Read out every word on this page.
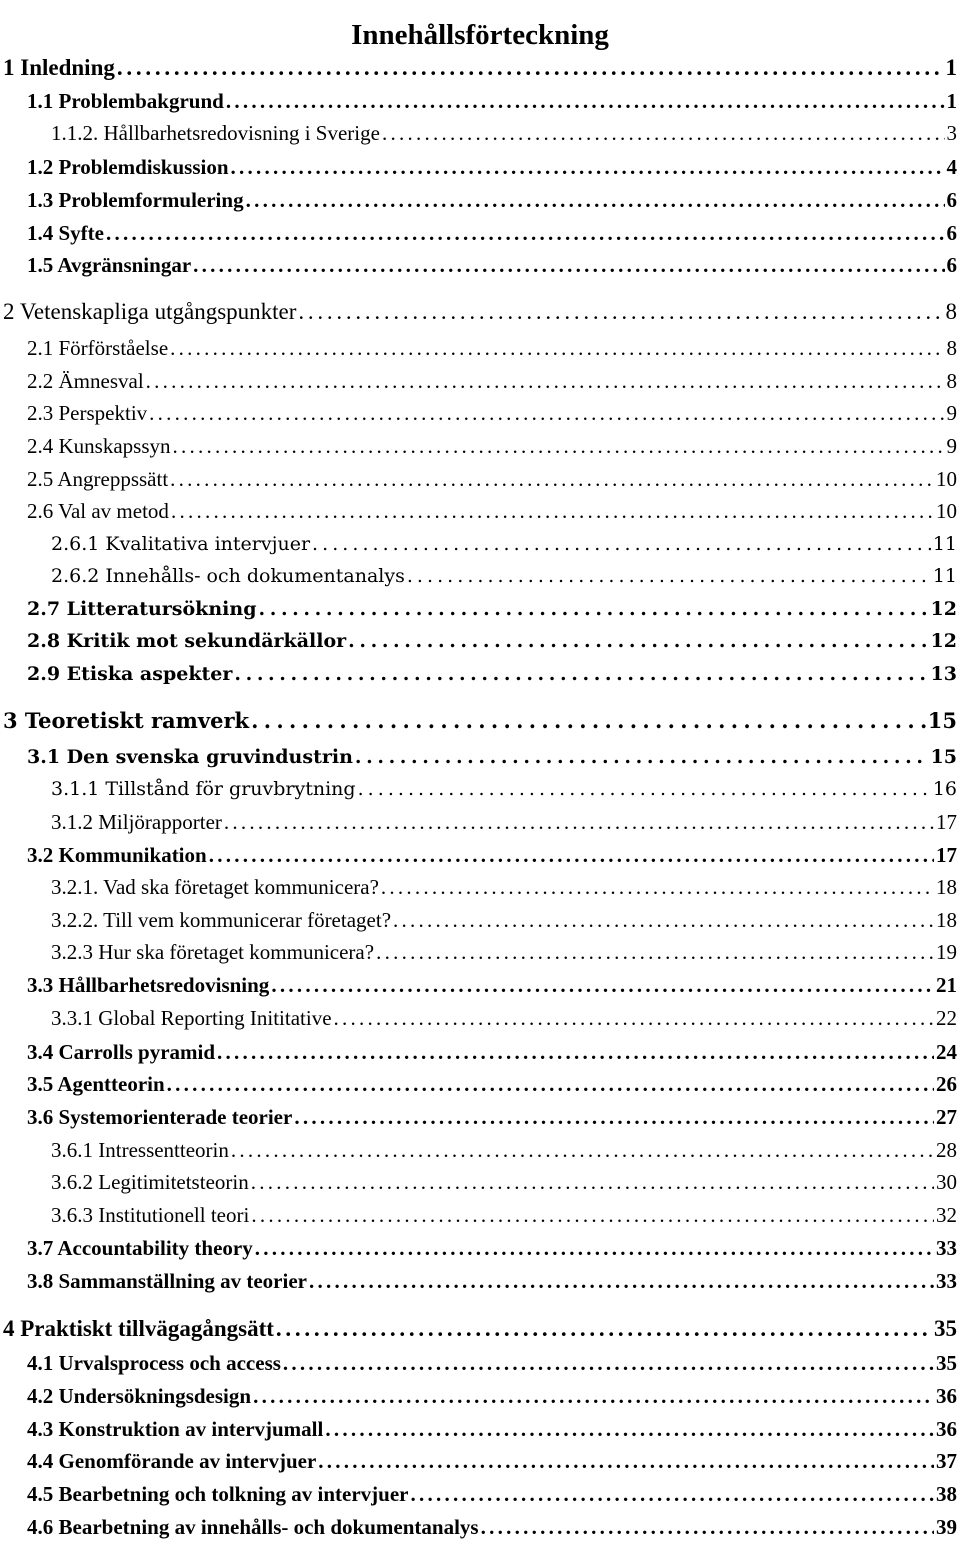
Innehållsförteckning
1 Inledning . . .	1
1.1 Problembakgrund . . .	1
1.1.2. Hållbarhetsredovisning i Sverige . . .	3
1.2 Problemdiskussion . . .	4
1.3 Problemformulering . . .	6
1.4 Syfte . . .	6
1.5 Avgränsningar . . .	6
2 Vetenskapliga utgångspunkter . . .	8
2.1 Förförståelse . . .	8
2.2 Ämnesval . . .	8
2.3 Perspektiv . . .	9
2.4 Kunskapssyn . . .	9
2.5 Angreppssätt . . .	10
2.6 Val av metod . . .	10
2.6.1 Kvalitativa intervjuer . . .	11
2.6.2 Innehålls- och dokumentanalys . . .	11
2.7 Litteratursökning . . .	12
2.8 Kritik mot sekundärkällor . . .	12
2.9 Etiska aspekter . . .	13
3 Teoretiskt ramverk . . .	15
3.1 Den svenska gruvindustrin . . .	15
3.1.1 Tillstånd för gruvbrytning . . .	16
3.1.2 Miljörapporter . . .	17
3.2 Kommunikation . . .	17
3.2.1. Vad ska företaget kommunicera? . . .	18
3.2.2. Till vem kommunicerar företaget? . . .	18
3.2.3 Hur ska företaget kommunicera? . . .	19
3.3 Hållbarhetsredovisning . . .	21
3.3.1 Global Reporting Inititative . . .	22
3.4 Carrolls pyramid . . .	24
3.5 Agentteorin . . .	26
3.6 Systemorienterade teorier . . .	27
3.6.1 Intressentteorin . . .	28
3.6.2 Legitimitetsteorin . . .	30
3.6.3 Institutionell teori . . .	32
3.7 Accountability theory . . .	33
3.8 Sammanställning av teorier . . .	33
4 Praktiskt tillvägagångsätt . . .	35
4.1 Urvalsprocess och access . . .	35
4.2 Undersökningsdesign . . .	36
4.3 Konstruktion av intervjumall . . .	36
4.4 Genomförande av intervjuer . . .	37
4.5 Bearbetning och tolkning av intervjuer . . .	38
4.6 Bearbetning av innehålls- och dokumentanalys . . .	39
